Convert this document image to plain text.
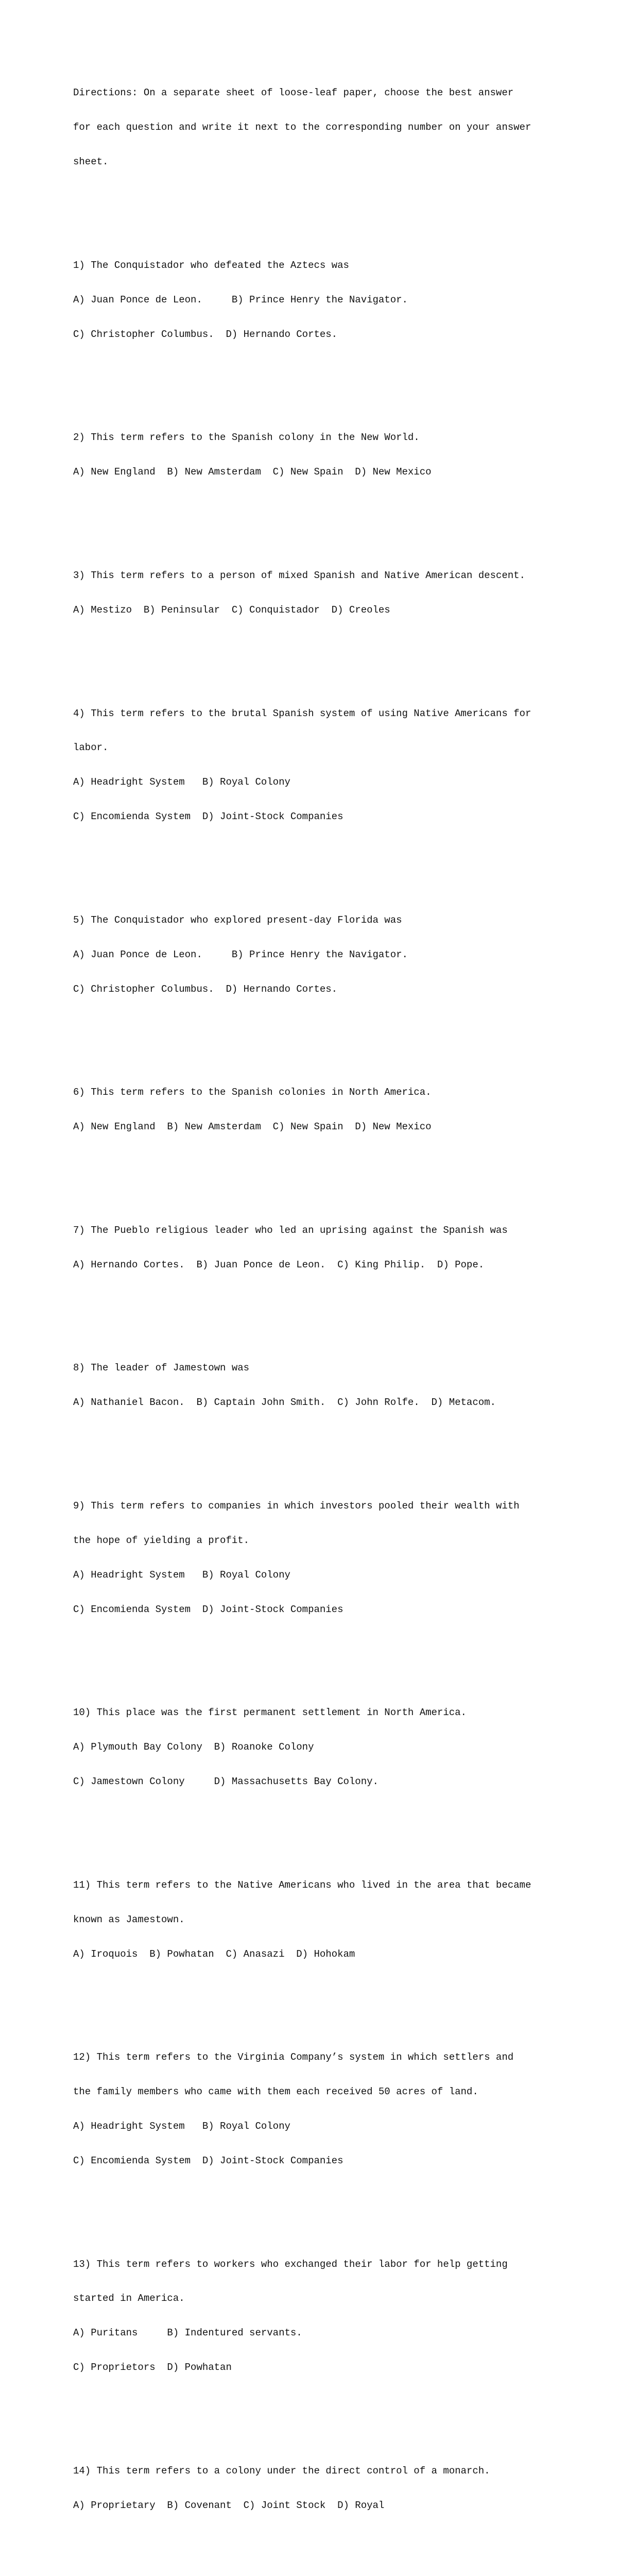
Directions: On a separate sheet of loose-leaf paper, choose the best answer

for each question and write it next to the corresponding number on your answer

sheet.

1) The Conquistador who defeated the Aztecs was

A) Juan Ponce de Leon.     B) Prince Henry the Navigator.

C) Christopher Columbus.  D) Hernando Cortes.

2) This term refers to the Spanish colony in the New World.

A) New England  B) New Amsterdam  C) New Spain  D) New Mexico

3) This term refers to a person of mixed Spanish and Native American descent.

A) Mestizo  B) Peninsular  C) Conquistador  D) Creoles

4) This term refers to the brutal Spanish system of using Native Americans for

labor.

A) Headright System   B) Royal Colony

C) Encomienda System  D) Joint-Stock Companies

5) The Conquistador who explored present-day Florida was

A) Juan Ponce de Leon.     B) Prince Henry the Navigator.

C) Christopher Columbus.  D) Hernando Cortes.

6) This term refers to the Spanish colonies in North America.

A) New England  B) New Amsterdam  C) New Spain  D) New Mexico

7) The Pueblo religious leader who led an uprising against the Spanish was

A) Hernando Cortes.  B) Juan Ponce de Leon.  C) King Philip.  D) Pope.

8) The leader of Jamestown was

A) Nathaniel Bacon.  B) Captain John Smith.  C) John Rolfe.  D) Metacom.

9) This term refers to companies in which investors pooled their wealth with

the hope of yielding a profit.

A) Headright System   B) Royal Colony

C) Encomienda System  D) Joint-Stock Companies

10) This place was the first permanent settlement in North America.

A) Plymouth Bay Colony  B) Roanoke Colony

C) Jamestown Colony     D) Massachusetts Bay Colony.

11) This term refers to the Native Americans who lived in the area that became

known as Jamestown.

A) Iroquois  B) Powhatan  C) Anasazi  D) Hohokam

12) This term refers to the Virginia Company’s system in which settlers and

the family members who came with them each received 50 acres of land.

A) Headright System   B) Royal Colony

C) Encomienda System  D) Joint-Stock Companies

13) This term refers to workers who exchanged their labor for help getting

started in America.

A) Puritans     B) Indentured servants.

C) Proprietors  D) Powhatan

14) This term refers to a colony under the direct control of a monarch.

A) Proprietary  B) Covenant  C) Joint Stock  D) Royal
